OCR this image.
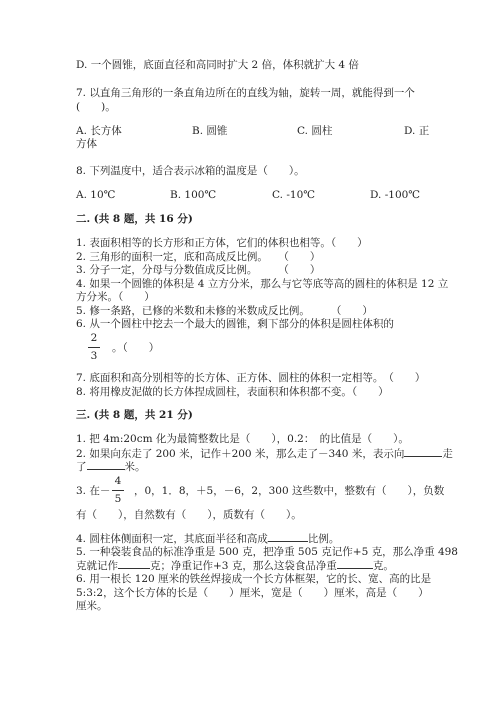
D. 一个圆锥，底面直径和高同时扩大 2 倍，体积就扩大 4 倍
7. 以直角三角形的一条直角边所在的直线为轴，旋转一周，就能得到一个
(　　)。
A. 长方体	B. 圆锥	C. 圆柱	D. 正
方体
8. 下列温度中，适合表示冰箱的温度是（　　）。
A. 10℃	B. 100℃	C. -10℃	D. -100℃
二. (共 8 题，共 16 分)
1. 表面积相等的长方形和正方体，它们的体积也相等。（　　）
2. 三角形的面积一定，底和高成反比例。　　（　　）
3. 分子一定，分母与分数值成反比例。　　　（　　）
4. 如果一个圆锥的体积是 4 立方分米，那么与它等底等高的圆柱的体积是 12 立
方分米。（　　）
5. 修一条路，已修的米数和未修的米数成反比例。　　　（　　）
6. 从一个圆柱中挖去一个最大的圆锥，剩下部分的体积是圆柱体积的
2
3
。（　　）
7. 底面积和高分别相等的长方体、正方体、圆柱的体积一定相等。　（　　）
8. 将用橡皮泥做的长方体捏成圆柱，表面积和体积都不变。（　　）
三. (共 8 题，共 21 分)
1. 把 4m:20cm 化为最简整数比是（　　），0.2：　的比值是（　　）。
2. 如果向东走了 200 米，记作＋200 米，那么走了－340 米，表示向	走
了	米。
3. 在－
4
5
，0，1．8，＋5，－6，2，300 这些数中，整数有（　　），负数
有（　　），自然数有（　　），质数有（　　）。
4. 圆柱体侧面积一定，其底面半径和高成	比例。
5. 一种袋装食品的标准净重是 500 克，把净重 505 克记作+5 克，那么净重 498
克就记作	克；净重记作+3 克，那么这袋食品净重	克。
6. 用一根长 120 厘米的铁丝焊接成一个长方体框架，它的长、宽、高的比是
5:3:2，这个长方体的长是（　　）厘米，宽是（　　）厘米，高是（　　）
厘米。
